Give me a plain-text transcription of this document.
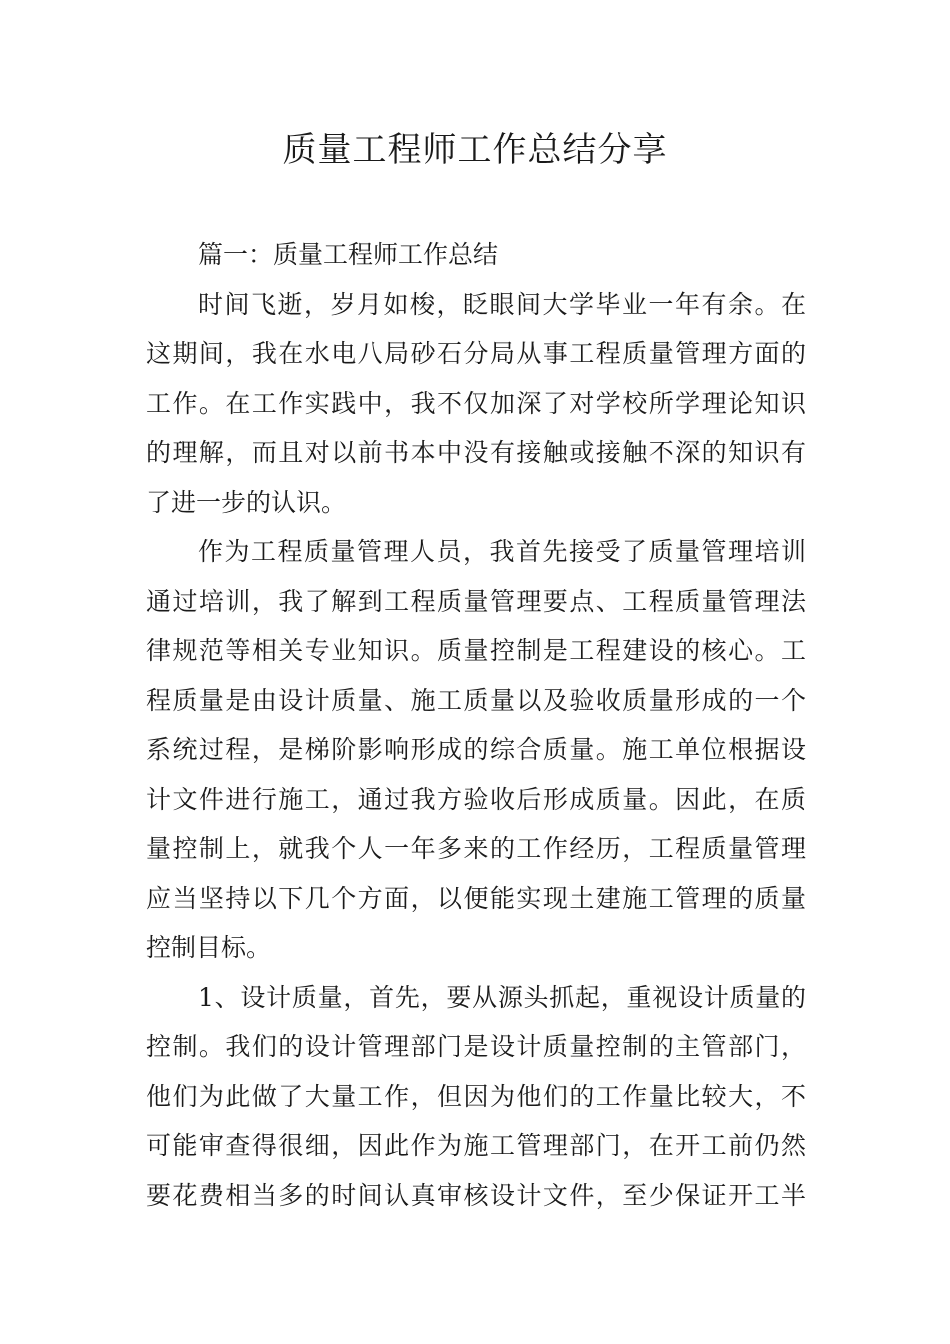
质量工程师工作总结分享
篇一：质量工程师工作总结
时间飞逝，岁月如梭，眨眼间大学毕业一年有余。在
这期间，我在水电八局砂石分局从事工程质量管理方面的
工作。在工作实践中，我不仅加深了对学校所学理论知识
的理解，而且对以前书本中没有接触或接触不深的知识有
了进一步的认识。
作为工程质量管理人员，我首先接受了质量管理培训
通过培训，我了解到工程质量管理要点、工程质量管理法
律规范等相关专业知识。质量控制是工程建设的核心。工
程质量是由设计质量、施工质量以及验收质量形成的一个
系统过程，是梯阶影响形成的综合质量。施工单位根据设
计文件进行施工，通过我方验收后形成质量。因此，在质
量控制上，就我个人一年多来的工作经历，工程质量管理
应当坚持以下几个方面，以便能实现土建施工管理的质量
控制目标。
1、设计质量，首先，要从源头抓起，重视设计质量的
控制。我们的设计管理部门是设计质量控制的主管部门，
他们为此做了大量工作，但因为他们的工作量比较大，不
可能审查得很细，因此作为施工管理部门，在开工前仍然
要花费相当多的时间认真审核设计文件，至少保证开工半
